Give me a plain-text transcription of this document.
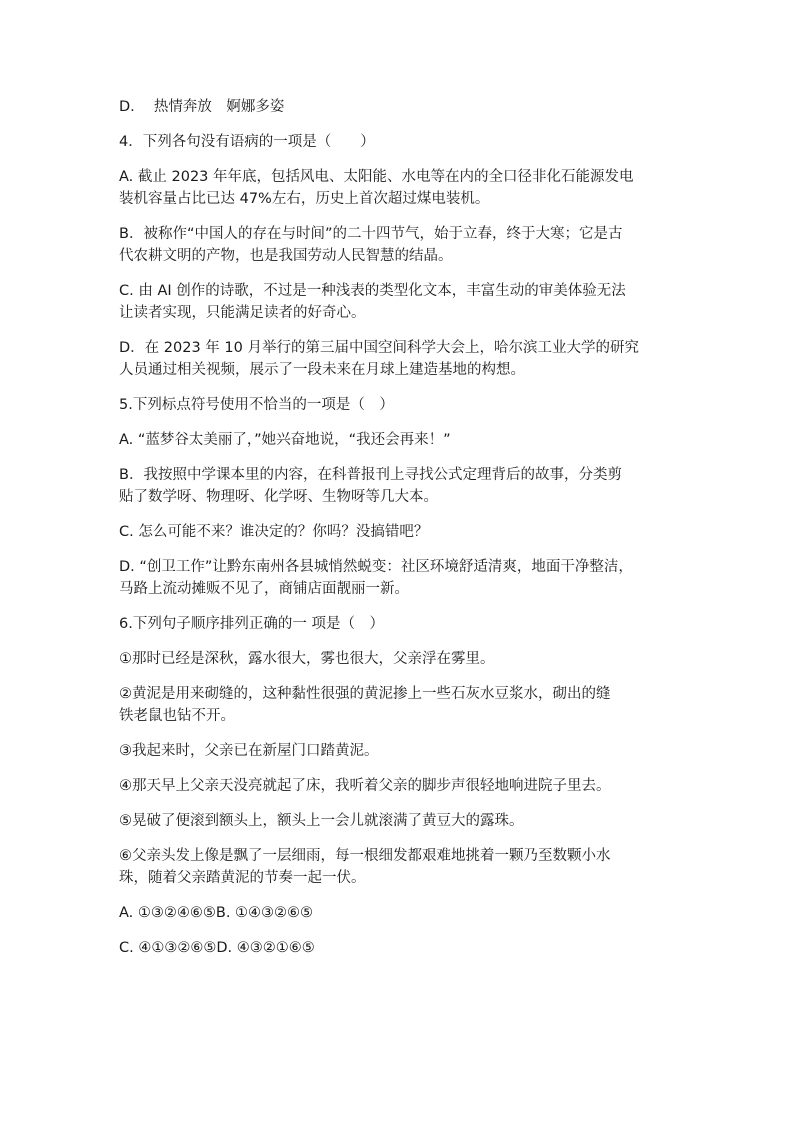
D.　 热情奔放　婀娜多姿

4．下列各句没有语病的一项是（　　）

A. 截止 2023 年年底，包括风电、太阳能、水电等在内的全口径非化石能源发电

装机容量占比已达 47%左右，历史上首次超过煤电装机。

B．被称作“中国人的存在与时间”的二十四节气，始于立春，终于大寒；它是古

代农耕文明的产物，也是我国劳动人民智慧的结晶。

C. 由 AI 创作的诗歌，不过是一种浅表的类型化文本，丰富生动的审美体验无法

让读者实现，只能满足读者的好奇心。

D．在 2023 年 10 月举行的第三届中国空间科学大会上，哈尔滨工业大学的研究

人员通过相关视频，展示了一段未来在月球上建造基地的构想。

5.下列标点符号使用不恰当的一项是（　）

A. “蓝梦谷太美丽了，”她兴奋地说，“我还会再来！”

B．我按照中学课本里的内容，在科普报刊上寻找公式定理背后的故事，分类剪

贴了数学呀、物理呀、化学呀、生物呀等几大本。

C. 怎么可能不来？谁决定的？你吗？没搞错吧？

D. “创卫工作”让黔东南州各县城悄然蜕变：社区环境舒适清爽，地面干净整洁，

马路上流动摊贩不见了，商铺店面靓丽一新。

6.下列句子顺序排列正确的一 项是（　）

①那时已经是深秋，露水很大，雾也很大，父亲浮在雾里。

②黄泥是用来砌缝的，这种黏性很强的黄泥掺上一些石灰水豆浆水，砌出的缝

铁老鼠也钻不开。

③我起来时，父亲已在新屋门口踏黄泥。

④那天早上父亲天没亮就起了床，我听着父亲的脚步声很轻地响进院子里去。

⑤晃破了便滚到额头上，额头上一会儿就滚满了黄豆大的露珠。

⑥父亲头发上像是飘了一层细雨，每一根细发都艰难地挑着一颗乃至数颗小水

珠，随着父亲踏黄泥的节奏一起一伏。

A. ①③②④⑥⑤B. ①④③②⑥⑤

C. ④①③②⑥⑤D. ④③②①⑥⑤
